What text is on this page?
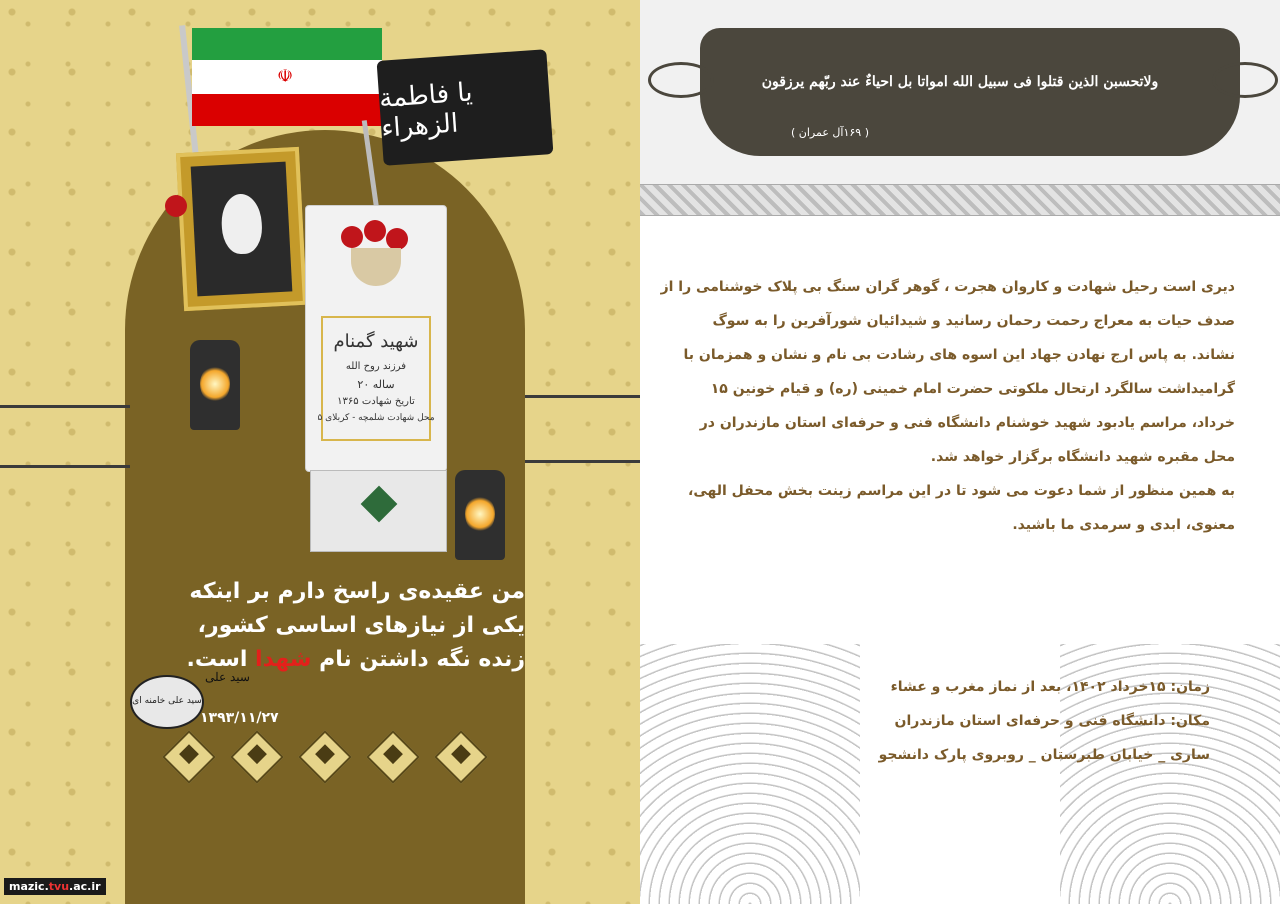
☫
یا فاطمة الزهراء
شهید گمنام
فرزند روح الله
۲۰ ساله
تاریخ شهادت ۱۳۶۵
محل شهادت شلمچه - کربلای ۵
من عقیده‌ی راسخ دارم بر اینکه
یکی از نیازهای اساسی کشور،
زنده نگه داشتن نام شهدا است.
سید علی خامنه ای
سید علی
۱۳۹۳/۱۱/۲۷
mazic.tvu.ac.ir
ولاتحسبن الذین قتلوا فی سبیل الله امواتا بل احیاءٌ عند ربّهم یرزقون
( ۱۶۹آل عمران )
دیری است رحیل شهادت و کاروان هجرت ، گوهر گران سنگ بی پلاک خوشنامی را از
صدف حیات به معراج رحمت رحمان رسانید و شیدائیان شورآفرین را به سوگ
نشاند. به پاس ارج نهادن جهاد این اسوه های رشادت بی نام و نشان و همزمان با
گرامیداشت سالگرد ارتحال ملکوتی حضرت امام خمینی (ره) و قیام خونین ۱۵
خرداد، مراسم یادبود شهید خوشنام دانشگاه فنی و حرفه‌ای استان مازندران در
محل مقبره شهید دانشگاه برگزار خواهد شد.
به همین منظور از شما دعوت می شود تا در این مراسم زینت بخش محفل الهی،
معنوی، ابدی و سرمدی ما باشید.
زمان: ۱۵خرداد ۱۴۰۲، بعد از نماز مغرب و عشاء
مکان: دانشگاه فنی و حرفه‌ای استان مازندران
ساری _ خیابان طبرستان _ روبروی پارک دانشجو
